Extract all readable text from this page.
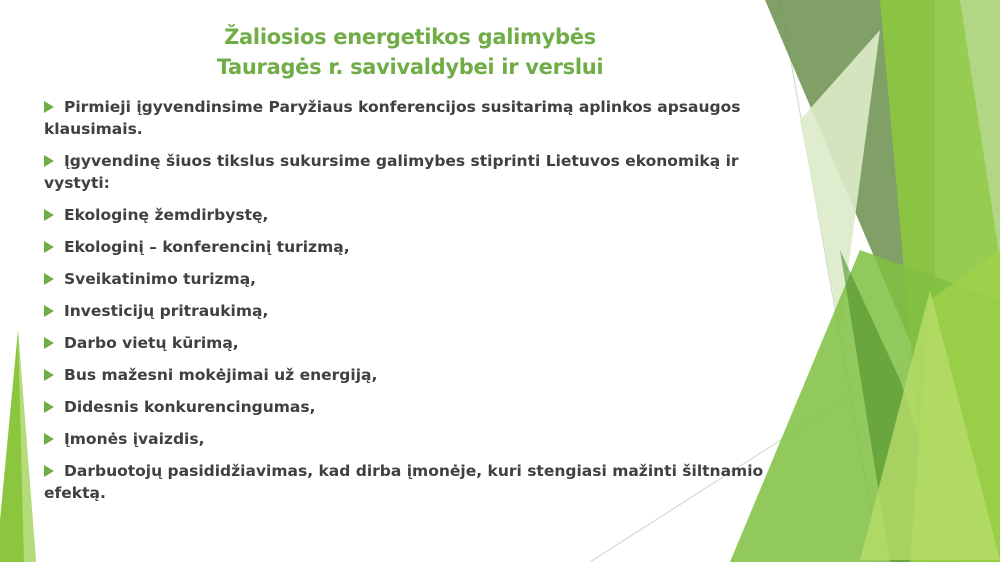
Žaliosios energetikos galimybės
Tauragės r. savivaldybei ir verslui
Pirmieji įgyvendinsime Paryžiaus konferencijos susitarimą aplinkos apsaugos klausimais.
Įgyvendinę šiuos tikslus sukursime galimybes stiprinti Lietuvos ekonomiką ir vystyti:
Ekologinę žemdirbystę,
Ekologinį – konferencinį turizmą,
Sveikatinimo turizmą,
Investicijų pritraukimą,
Darbo vietų kūrimą,
Bus mažesni mokėjimai už energiją,
Didesnis konkurencingumas,
Įmonės įvaizdis,
Darbuotojų pasididžiavimas, kad dirba įmonėje, kuri stengiasi mažinti šiltnamio efektą.
